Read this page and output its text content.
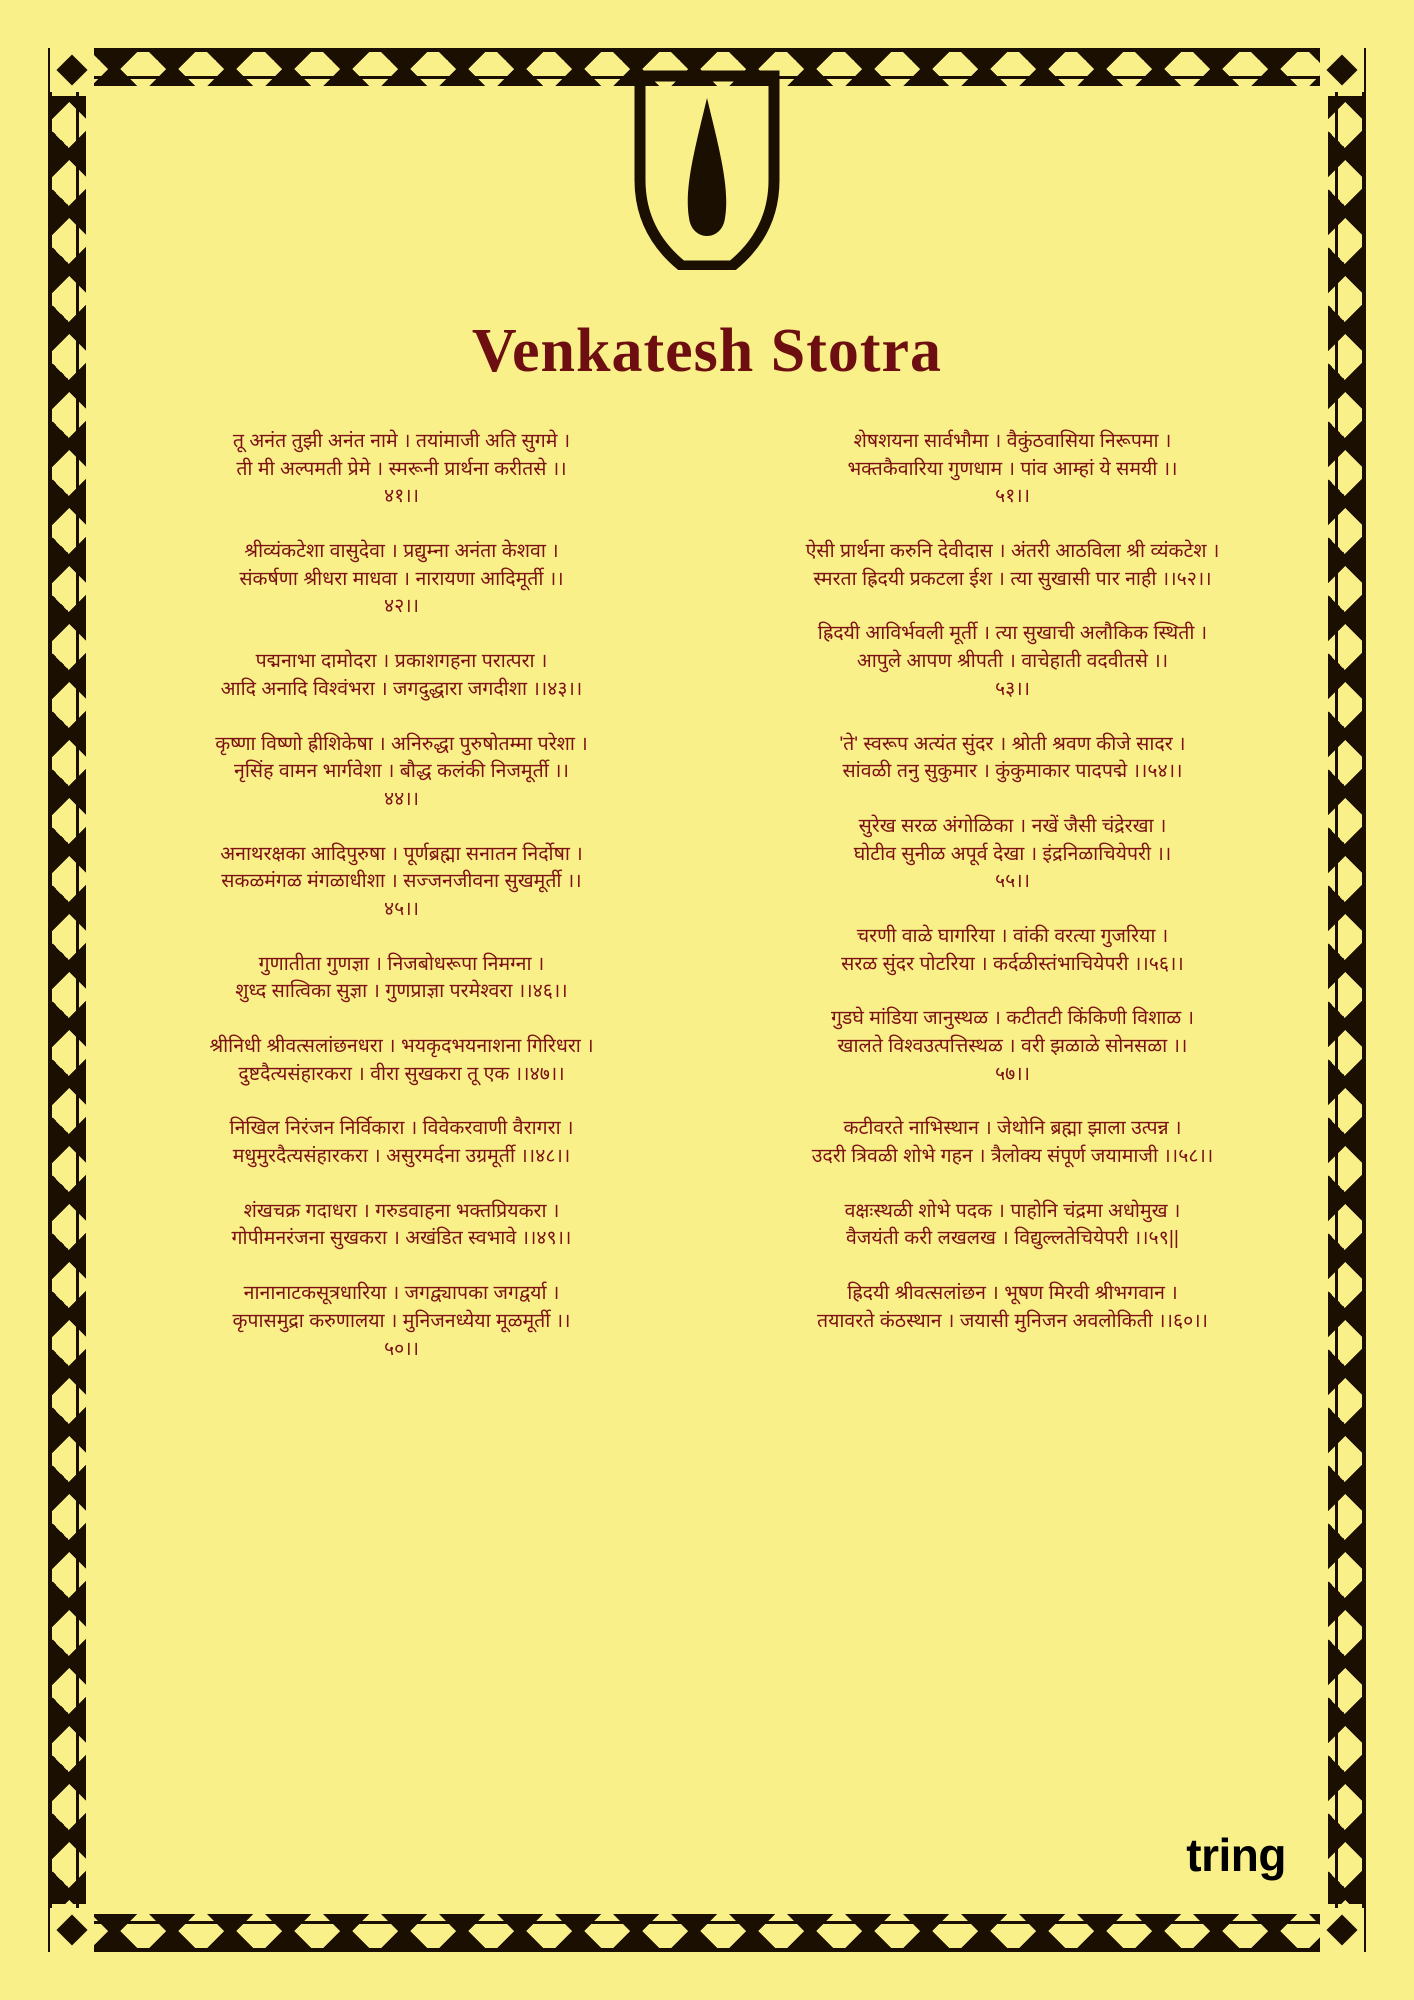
Venkatesh Stotra
तू अनंत तुझी अनंत नामे । तयांमाजी अति सुगमे ।
ती मी अल्पमती प्रेमे । स्मरूनी प्रार्थना करीतसे ।।
४१।।
श्रीव्यंकटेशा वासुदेवा । प्रद्युम्ना अनंता केशवा ।
संकर्षणा श्रीधरा माधवा । नारायणा आदिमूर्ती ।।
४२।।
पद्मनाभा दामोदरा । प्रकाशगहना परात्परा ।
आदि अनादि विश्वंभरा । जगदुद्धारा जगदीशा ।।४३।।
कृष्णा विष्णो ह्रीशिकेषा । अनिरुद्धा पुरुषोतम्मा परेशा ।
नृसिंह वामन भार्गवेशा । बौद्ध कलंकी निजमूर्ती ।।
४४।।
अनाथरक्षका आदिपुरुषा । पूर्णब्रह्मा सनातन निर्दोषा ।
सकळमंगळ मंगळाधीशा । सज्जनजीवना सुखमूर्ती ।।
४५।।
गुणातीता गुणज्ञा । निजबोधरूपा निमग्ना ।
शुध्द सात्विका सुज्ञा । गुणप्राज्ञा परमेश्वरा ।।४६।।
श्रीनिधी श्रीवत्सलांछनधरा । भयकृदभयनाशना गिरिधरा ।
दुष्टदैत्यसंहारकरा । वीरा सुखकरा तू एक ।।४७।।
निखिल निरंजन निर्विकारा । विवेकरवाणी वैरागरा ।
मधुमुरदैत्यसंहारकरा । असुरमर्दना उग्रमूर्ती ।।४८।।
शंखचक्र गदाधरा । गरुडवाहना भक्तप्रियकरा ।
गोपीमनरंजना सुखकरा । अखंडित स्वभावे ।।४९।।
नानानाटकसूत्रधारिया । जगद्व्यापका जगद्वर्या ।
कृपासमुद्रा करुणालया । मुनिजनध्येया मूळमूर्ती ।।
५०।।
शेषशयना सार्वभौमा । वैकुंठवासिया निरूपमा ।
भक्तकैवारिया गुणधाम । पांव आम्हां ये समयी ।।
५१।।
ऐसी प्रार्थना करुनि देवीदास । अंतरी आठविला श्री व्यंकटेश ।
स्मरता ह्रिदयी प्रकटला ईश । त्या सुखासी पार नाही ।।५२।।
ह्रिदयी आविर्भवली मूर्ती । त्या सुखाची अलौकिक स्थिती ।
आपुले आपण श्रीपती । वाचेहाती वदवीतसे ।।
५३।।
'ते' स्वरूप अत्यंत सुंदर । श्रोती श्रवण कीजे सादर ।
सांवळी तनु सुकुमार । कुंकुमाकार पादपद्मे ।।५४।।
सुरेख सरळ अंगोळिका । नखें जैसी चंद्रेरखा ।
घोटीव सुनीळ अपूर्व देखा । इंद्रनिळाचियेपरी ।।
५५।।
चरणी वाळे घागरिया । वांकी वरत्या गुजरिया ।
सरळ सुंदर पोटरिया । कर्दळीस्तंभाचियेपरी ।।५६।।
गुडघे मांडिया जानुस्थळ । कटीतटी किंकिणी विशाळ ।
खालते विश्वउत्पत्तिस्थळ । वरी झळाळे सोनसळा ।।
५७।।
कटीवरते नाभिस्थान । जेथोनि ब्रह्मा झाला उत्पन्न ।
उदरी त्रिवळी शोभे गहन । त्रैलोक्य संपूर्ण जयामाजी ।।५८।।
वक्षःस्थळी शोभे पदक । पाहोनि चंद्रमा अधोमुख ।
वैजयंती करी लखलख । विद्युल्लतेचियेपरी ।।५९||
ह्रिदयी श्रीवत्सलांछन । भूषण मिरवी श्रीभगवान ।
तयावरते कंठस्थान । जयासी मुनिजन अवलोकिती ।।६०।।
tring
